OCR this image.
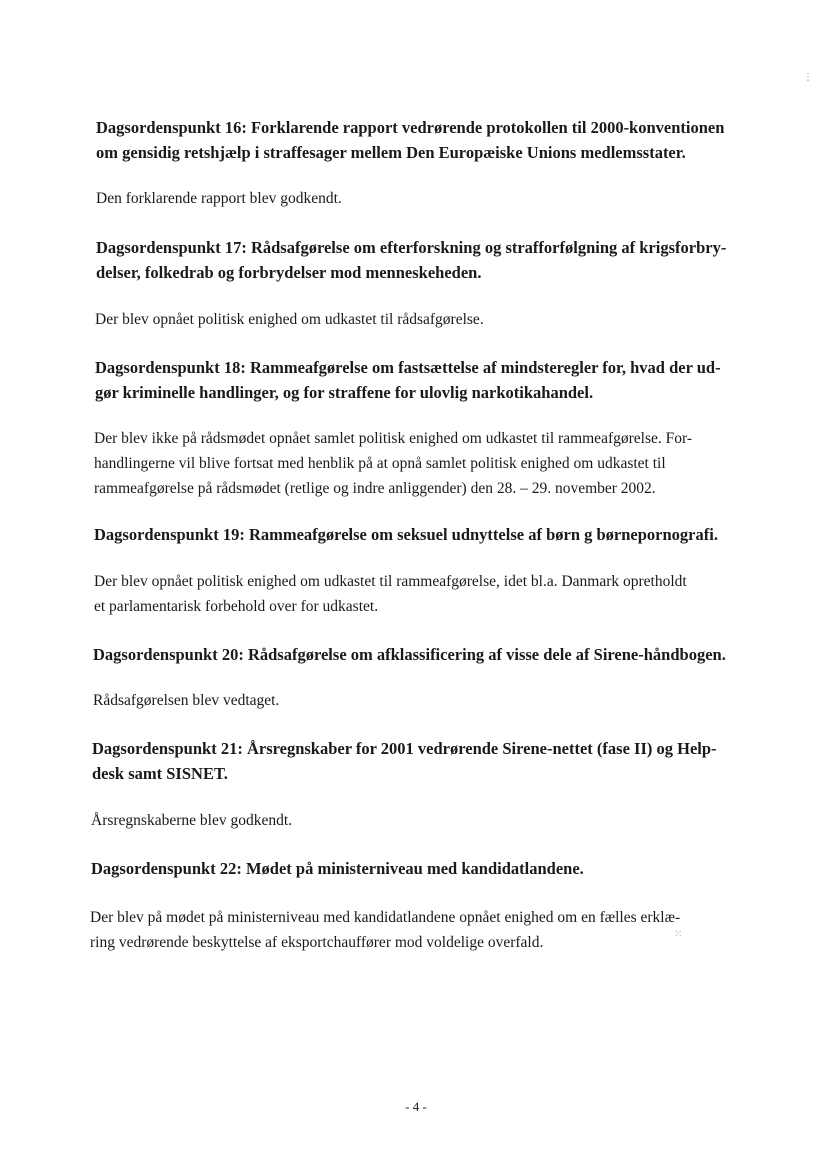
Dagsordenspunkt 16: Forklarende rapport vedrørende protokollen til 2000-konventionen
om gensidig retshjælp i straffesager mellem Den Europæiske Unions medlemsstater.

Den forklarende rapport blev godkendt.

Dagsordenspunkt 17: Rådsafgørelse om efterforskning og strafforfølgning af krigsforbry-
delser, folkedrab og forbrydelser mod menneskeheden.

Der blev opnået politisk enighed om udkastet til rådsafgørelse.

Dagsordenspunkt 18: Rammeafgørelse om fastsættelse af mindsteregler for, hvad der ud-
gør kriminelle handlinger, og for straffene for ulovlig narkotikahandel.

Der blev ikke på rådsmødet opnået samlet politisk enighed om udkastet til rammeafgørelse. For-
handlingerne vil blive fortsat med henblik på at opnå samlet politisk enighed om udkastet til
rammeafgørelse på rådsmødet (retlige og indre anliggender) den 28. – 29. november 2002.

Dagsordenspunkt 19: Rammeafgørelse om seksuel udnyttelse af børn g børnepornografi.

Der blev opnået politisk enighed om udkastet til rammeafgørelse, idet bl.a. Danmark opretholdt
et parlamentarisk forbehold over for udkastet.

Dagsordenspunkt 20: Rådsafgørelse om afklassificering af visse dele af Sirene-håndbogen.

Rådsafgørelsen blev vedtaget.

Dagsordenspunkt 21: Årsregnskaber for 2001 vedrørende Sirene-nettet (fase II) og Help-
desk samt SISNET.

Årsregnskaberne blev godkendt.

Dagsordenspunkt 22: Mødet på ministerniveau med kandidatlandene.

Der blev på mødet på ministerniveau med kandidatlandene opnået enighed om en fælles erklæ-
ring vedrørende beskyttelse af eksportchauffører mod voldelige overfald.

- 4 -
⋮
⁙
